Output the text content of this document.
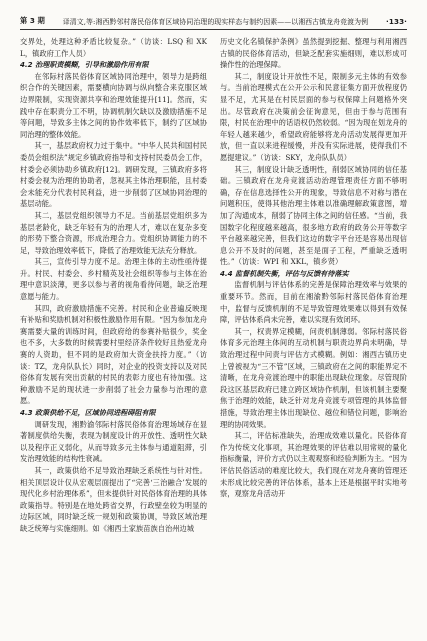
第 3 期	译清文,等:湘西黔邻村落民俗体育区域协同治理的现实样态与制约因素——以湘西古镇龙舟竞渡为例	·133·

交界处，处理这种矛盾比较复杂。”（访谈：LSQ 和 XKL，镇政府工作人员）

4.2 治理职责模糊，引导和激励作用有限

在邻际村落民俗体育区域协同治理中，领导力是跨组织合作的关键因素，需要横向协调与纵向整合来克服区域边界限制，实现资源共享和治理效能提升[11]。然而，实践中存在职责分工不明，协调机制欠缺以及激励措施不足等问题，导致多主体之间的协作效率低下，制约了区域协同治理的整体效能。

其一，基层政府权力过于集中。“中华人民共和国村民委员会组织法”规定乡镇政府指导和支持村民委员会工作，村委会必须协助乡镇政府[12]。调研发现，三镇政府多将村委会视为治理的协助者，忽视其主体治理职能，且村委会未能充分代表村民利益，进一步削弱了区域协同治理的基层动能。

其二，基层党组织领导力不足。当前基层党组织多为基层老龄化，缺乏年轻有为的治理人才，难以在复杂多变的形势下整合资源，形成治理合力。党组织协调能力的不足，导致治理效率低下，降低了治理效能无法充分释放。

其三，宣传引导力度不足。治理主体的主动性亟待提升。村民、村委会、乡村精英及社会组织等参与主体在治理中意识淡薄，更多以参与者的视角看待问题，缺乏治理意愿与能力。

其四，政府激励措施不完善。村民和企业普遍反映现有补贴和奖励机制对积极性激励作用有限。“因为参加龙舟赛需要大量的训练时间，但政府给的参赛补贴很少，奖金也不多，大多数的时候需要村里经济条件较好且热爱龙舟赛的人资助，但不同的是政府加大资金扶持力度。”（访谈：TZ，龙舟队队长）同时，对企业的投资支持以及对民俗体育发展有突出贡献的村民的表彰力度也有待加强。这种激励不足的现状进一步削弱了社会力量参与治理的意愿。

4.3 政策供给不足，区域协同进程碍阻有限

调研发现，湘黔渝邻际村落民俗体育治理场域存在显著制度供给失衡，表现为制度设计的开放性、透明性欠缺以及程序正义弱化，从而导致多元主体参与通道阻滞，引发治理效能的结构性衰减。

其一，政策供给不足导致治理缺乏系统性与针对性。相关顶层设计仅从宏观层面提出了“完善‘三治融合’发展的现代化乡村治理体系”，但未提供针对民俗体育治理的具体政策指导。特别是在地处跨省交界，行政壁垒较为明显的边际区域，同时缺乏统一规划和政策协调，导致区域治理缺乏统筹与实施细则。如《湘西土家族苗族自治州边城

历史文化名镇保护条例》虽然提到挖掘、整理与利用湘西古镇的民俗体育活动，但缺乏配套实施细则，难以形成可操作性的治理保障。

其二，制度设计开放性不足，限制多元主体的有效参与。当前治理模式在公开公示和民意征集方面开放程度仍显不足，尤其是在村民层面的参与权保障上问题格外突出。尽管政府在决策前会征询意见，但由于参与范围有限，村民在治理中的话语权仍然较弱。“因为现在划龙舟的年轻人越来越少，希望政府能够将龙舟活动发展得更加开放，但一直以来进程缓慢，并没有实际进展，使得我们不愿提建议。”（访谈：SKY，龙舟队队员）

其三，制度设计缺乏透明性，削弱区域协同的信任基础。三镇政府在龙舟竞渡活动治理管理责任方面不够明确，存在信息选择性公开的现象，导致信息不对称与潜在问题积压，使得其他治理主体难以准确理解政策意图，增加了沟通成本，削弱了协同主体之间的信任感。“当前，我国数字化程度越来越高，很多地方政府的政务公开等数字平台越来越完善，但我们这边的数字平台还是容易出现信息公开不及时的问题，甚至是面子工程，严重缺乏透明性。”（访谈：WPI 和 XKL，镇乡贤）

4.4 监督机制失衡，评估与反馈有待落实

监督机制与评估体系的完善是保障治理效率与效果的重要环节。然而，目前在湘渝黔邻际村落民俗体育治理中，监督与反馈机制的不足导致管理效果难以得到有效保障，评估体系尚未完善，难以实现有效闭环。

其一，权责界定模糊，问责机制薄弱。邻际村落民俗体育多元治理主体间的互动机制与职责边界尚未明确，导致治理过程中问责与评估方式模糊。例如：湘西古镇历史上曾被视为“三不管”区域，三镇政府在之间的职能界定不清晰，在龙舟竞渡治理中的职能出现缺位现象。尽管现阶段这区基层政府已建立跨区域协作机制，但该机制主要聚焦于治理的效能，缺乏针对龙舟竞渡专项管理的具体监督措施，导致治理主体出现缺位、越位和错位问题，影响治理的协同效果。

其二，评估标准缺失，治理成效难以量化。民俗体育作为传统文化事项，其治理效果的评估难以用常规的量化指标衡量，评价方式仍以主观观察和经验判断为主。“因为评估民俗活动的难度比较大，我们现在对龙舟赛的管理还未形成比较完善的评估体系，基本上还是根据平时实地考察，观察龙舟活动开
